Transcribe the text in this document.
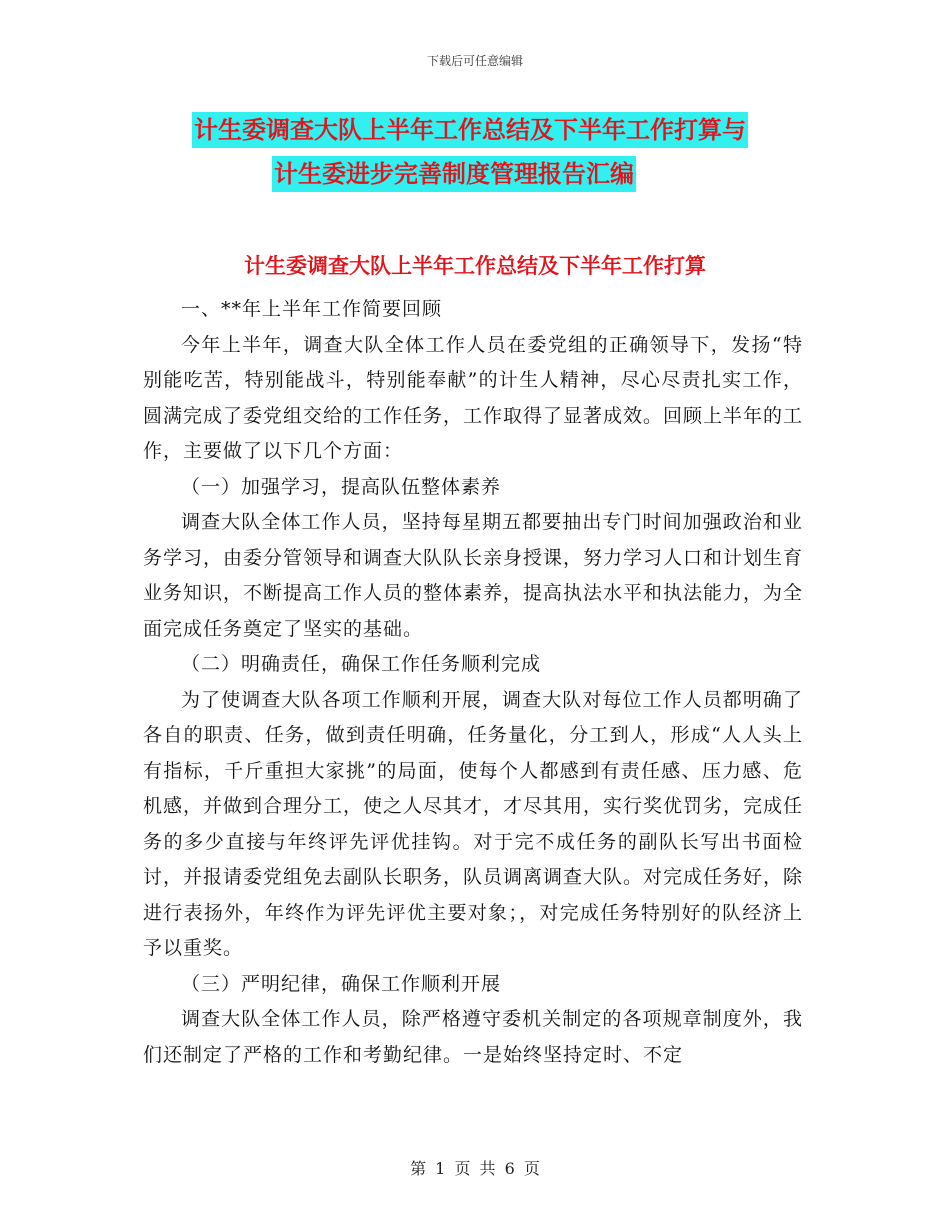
下载后可任意编辑
计生委调查大队上半年工作总结及下半年工作打算与
计生委进步完善制度管理报告汇编
计生委调查大队上半年工作总结及下半年工作打算

一、**年上半年工作简要回顾

今年上半年，调查大队全体工作人员在委党组的正确领导下，发扬“特别能吃苦，特别能战斗，特别能奉献”的计生人精神，尽心尽责扎实工作，圆满完成了委党组交给的工作任务，工作取得了显著成效。回顾上半年的工作，主要做了以下几个方面：

（一）加强学习，提高队伍整体素养

调查大队全体工作人员，坚持每星期五都要抽出专门时间加强政治和业务学习，由委分管领导和调查大队队长亲身授课，努力学习人口和计划生育业务知识，不断提高工作人员的整体素养，提高执法水平和执法能力，为全面完成任务奠定了坚实的基础。

（二）明确责任，确保工作任务顺利完成

为了使调查大队各项工作顺利开展，调查大队对每位工作人员都明确了各自的职责、任务，做到责任明确，任务量化，分工到人，形成“人人头上有指标，千斤重担大家挑”的局面，使每个人都感到有责任感、压力感、危机感，并做到合理分工，使之人尽其才，才尽其用，实行奖优罚劣，完成任务的多少直接与年终评先评优挂钩。对于完不成任务的副队长写出书面检讨，并报请委党组免去副队长职务，队员调离调查大队。对完成任务好，除进行表扬外，年终作为评先评优主要对象；，对完成任务特别好的队经济上予以重奖。

（三）严明纪律，确保工作顺利开展

调查大队全体工作人员，除严格遵守委机关制定的各项规章制度外，我们还制定了严格的工作和考勤纪律。一是始终坚持定时、不定

第 1 页 共 6 页
